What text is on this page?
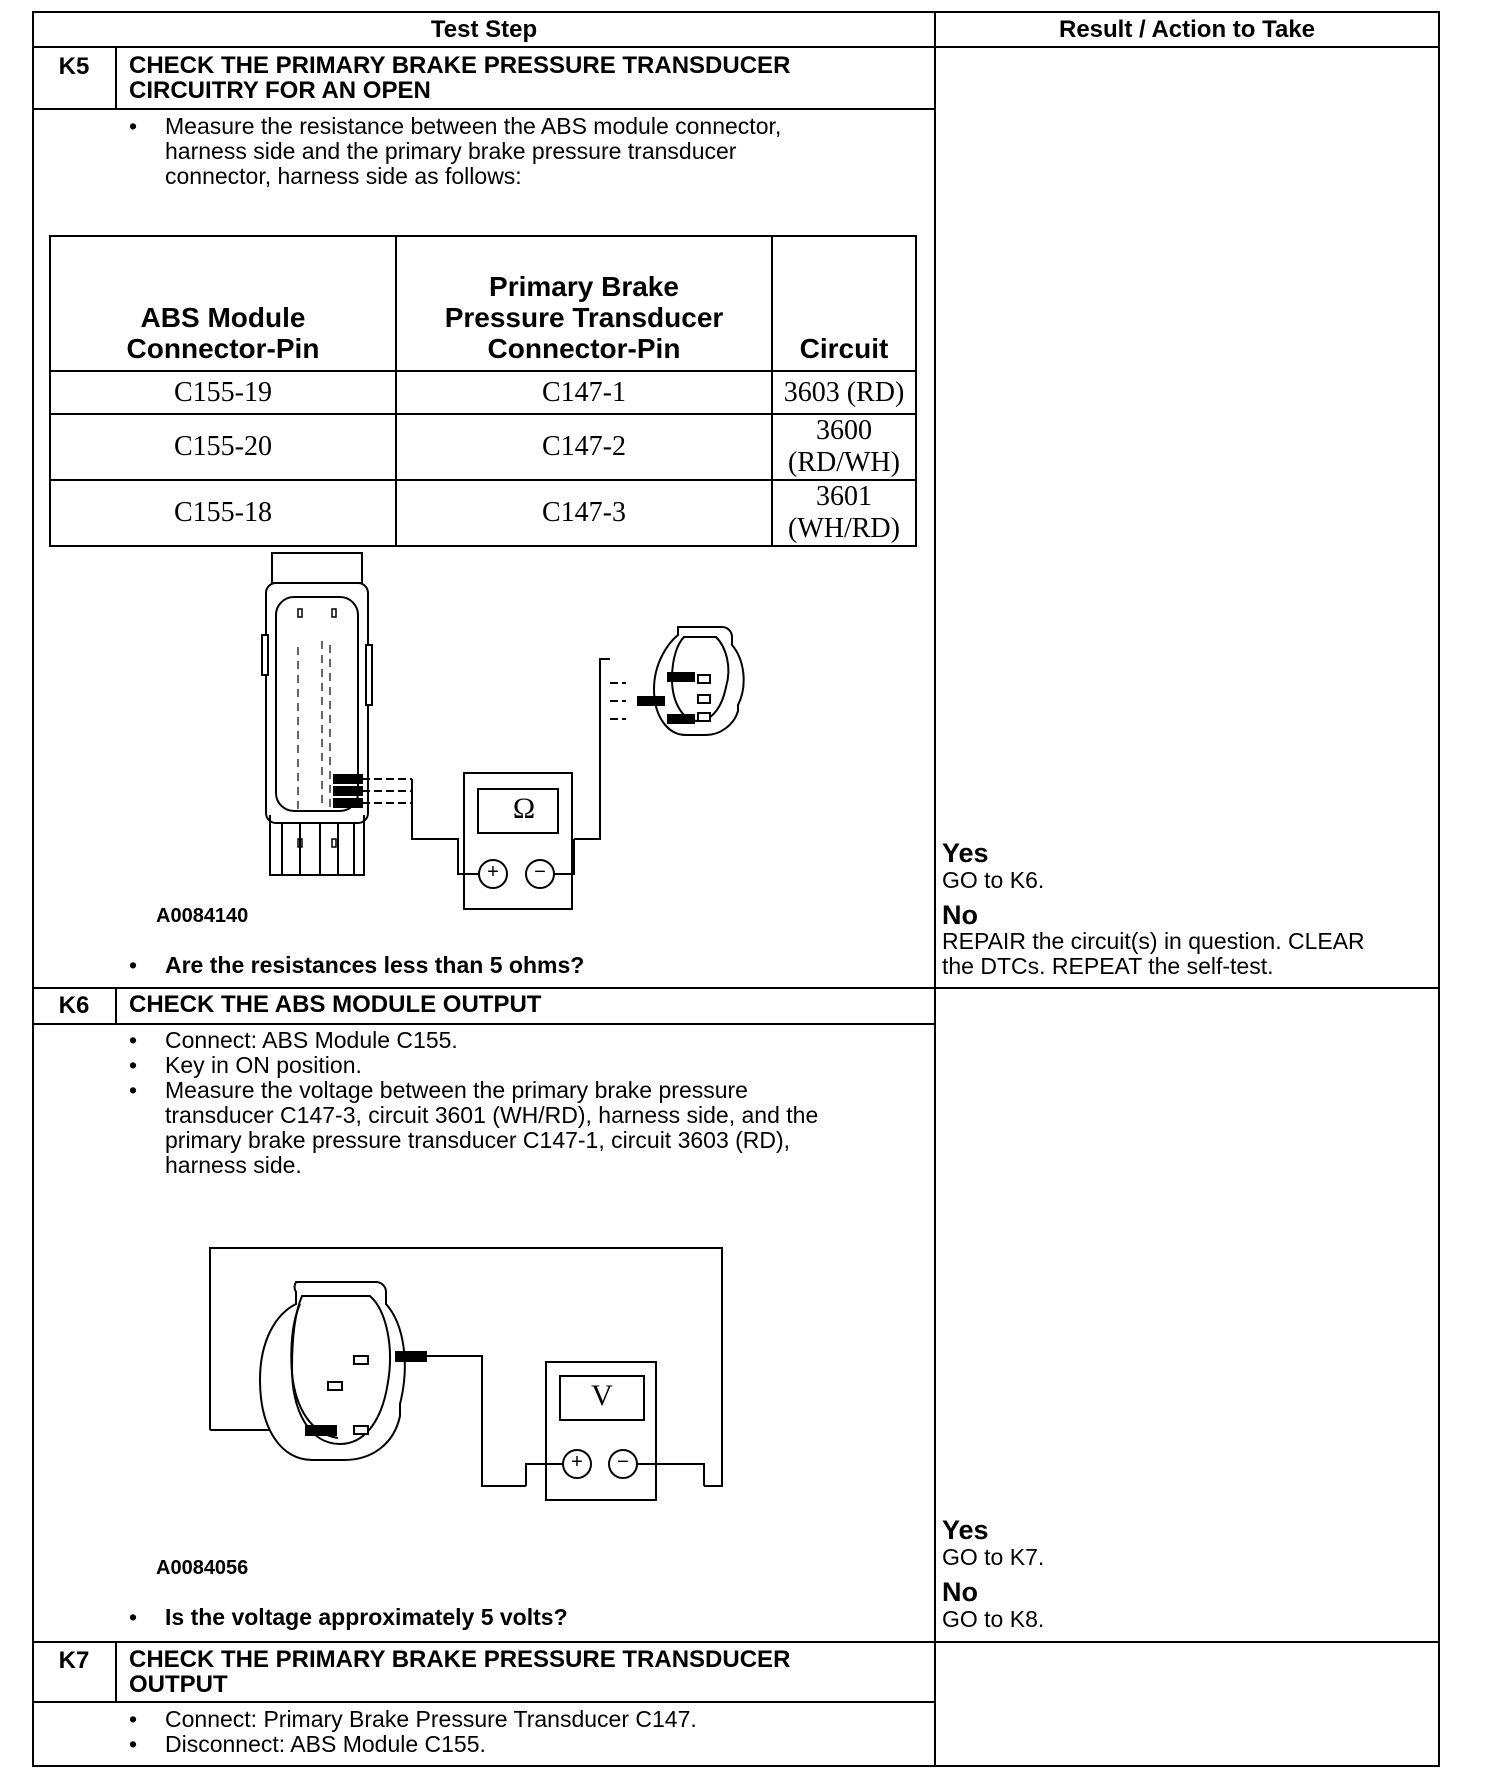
Test Step	Result / Action to Take
K5	CHECK THE PRIMARY BRAKE PRESSURE TRANSDUCER
CIRCUITRY FOR AN OPEN
• Measure the resistance between the ABS module connector,
harness side and the primary brake pressure transducer
connector, harness side as follows:
ABS Module Connector-Pin	Primary Brake Pressure Transducer Connector-Pin	Circuit
C155-19	C147-1	3603 (RD)
C155-20	C147-2	3600 (RD/WH)
C155-18	C147-3	3601 (WH/RD)
Ω
+ −
A0084140
• Are the resistances less than 5 ohms?
Yes
GO to K6.
No
REPAIR the circuit(s) in question. CLEAR
the DTCs. REPEAT the self-test.
K6	CHECK THE ABS MODULE OUTPUT
• Connect: ABS Module C155.
• Key in ON position.
• Measure the voltage between the primary brake pressure
transducer C147-3, circuit 3601 (WH/RD), harness side, and the
primary brake pressure transducer C147-1, circuit 3603 (RD),
harness side.
V
+ −
A0084056
• Is the voltage approximately 5 volts?
Yes
GO to K7.
No
GO to K8.
K7	CHECK THE PRIMARY BRAKE PRESSURE TRANSDUCER
OUTPUT
• Connect: Primary Brake Pressure Transducer C147.
• Disconnect: ABS Module C155.
